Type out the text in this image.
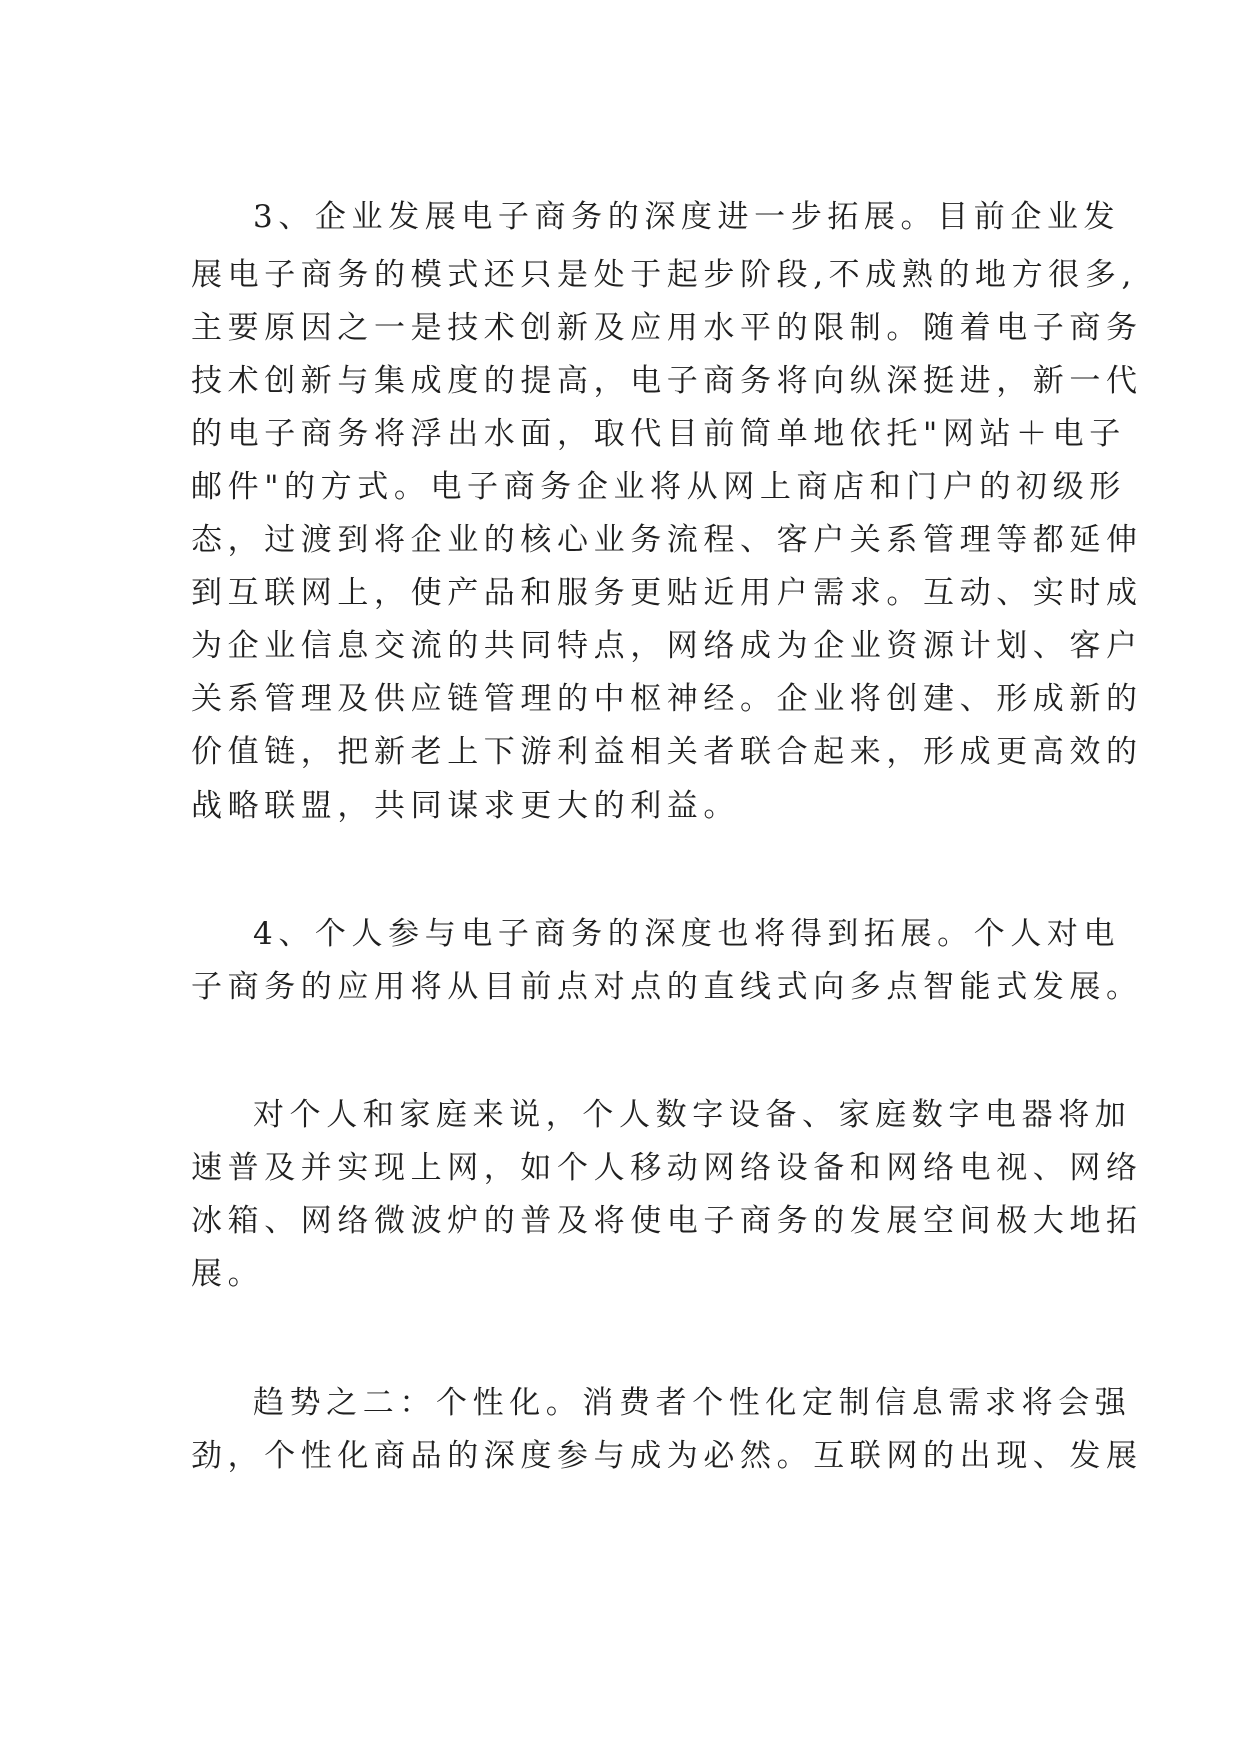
3、企业发展电子商务的深度进一步拓展。目前企业发
展电子商务的模式还只是处于起步阶段,不成熟的地方很多,
主要原因之一是技术创新及应用水平的限制。随着电子商务
技术创新与集成度的提高，电子商务将向纵深挺进，新一代
的电子商务将浮出水面，取代目前简单地依托"网站＋电子
邮件"的方式。电子商务企业将从网上商店和门户的初级形
态，过渡到将企业的核心业务流程、客户关系管理等都延伸
到互联网上，使产品和服务更贴近用户需求。互动、实时成
为企业信息交流的共同特点，网络成为企业资源计划、客户
关系管理及供应链管理的中枢神经。企业将创建、形成新的
价值链，把新老上下游利益相关者联合起来，形成更高效的
战略联盟，共同谋求更大的利益。
4、个人参与电子商务的深度也将得到拓展。个人对电
子商务的应用将从目前点对点的直线式向多点智能式发展。
对个人和家庭来说，个人数字设备、家庭数字电器将加
速普及并实现上网，如个人移动网络设备和网络电视、网络
冰箱、网络微波炉的普及将使电子商务的发展空间极大地拓
展。
趋势之二：个性化。消费者个性化定制信息需求将会强
劲，个性化商品的深度参与成为必然。互联网的出现、发展
